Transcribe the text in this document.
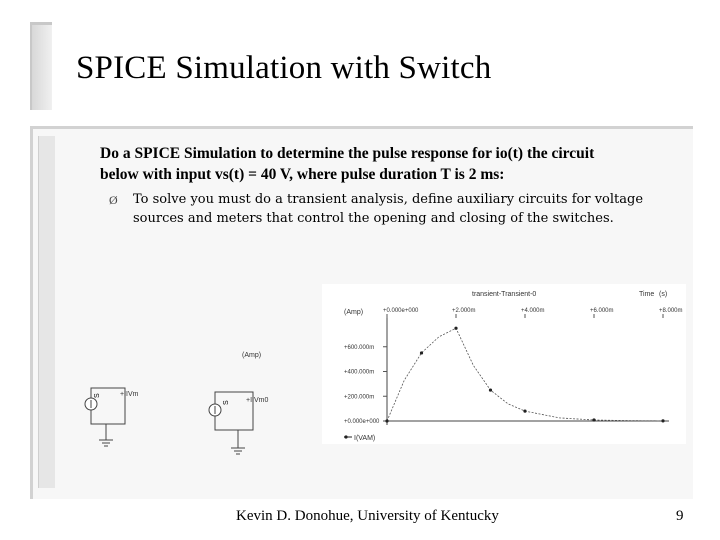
SPICE Simulation with Switch
Do a SPICE Simulation to determine the pulse response for io(t) the circuit
below with input vs(t) = 40 V, where pulse duration T is 2 ms:
Ø To solve you must do a transient analysis, define auxiliary circuits for voltage sources and meters that control the opening and closing of the switches.
S	+IIVm
S +IIVm0
(Amp)
transient-Transient-0	Time (s)
(Amp)	+0.000e+000	+2.000m	+4.000m	+6.000m	+8.000m
+600.000m
+400.000m
+200.000m
+0.000e+000
I(VAM)
Kevin D. Donohue, University of Kentucky	9
